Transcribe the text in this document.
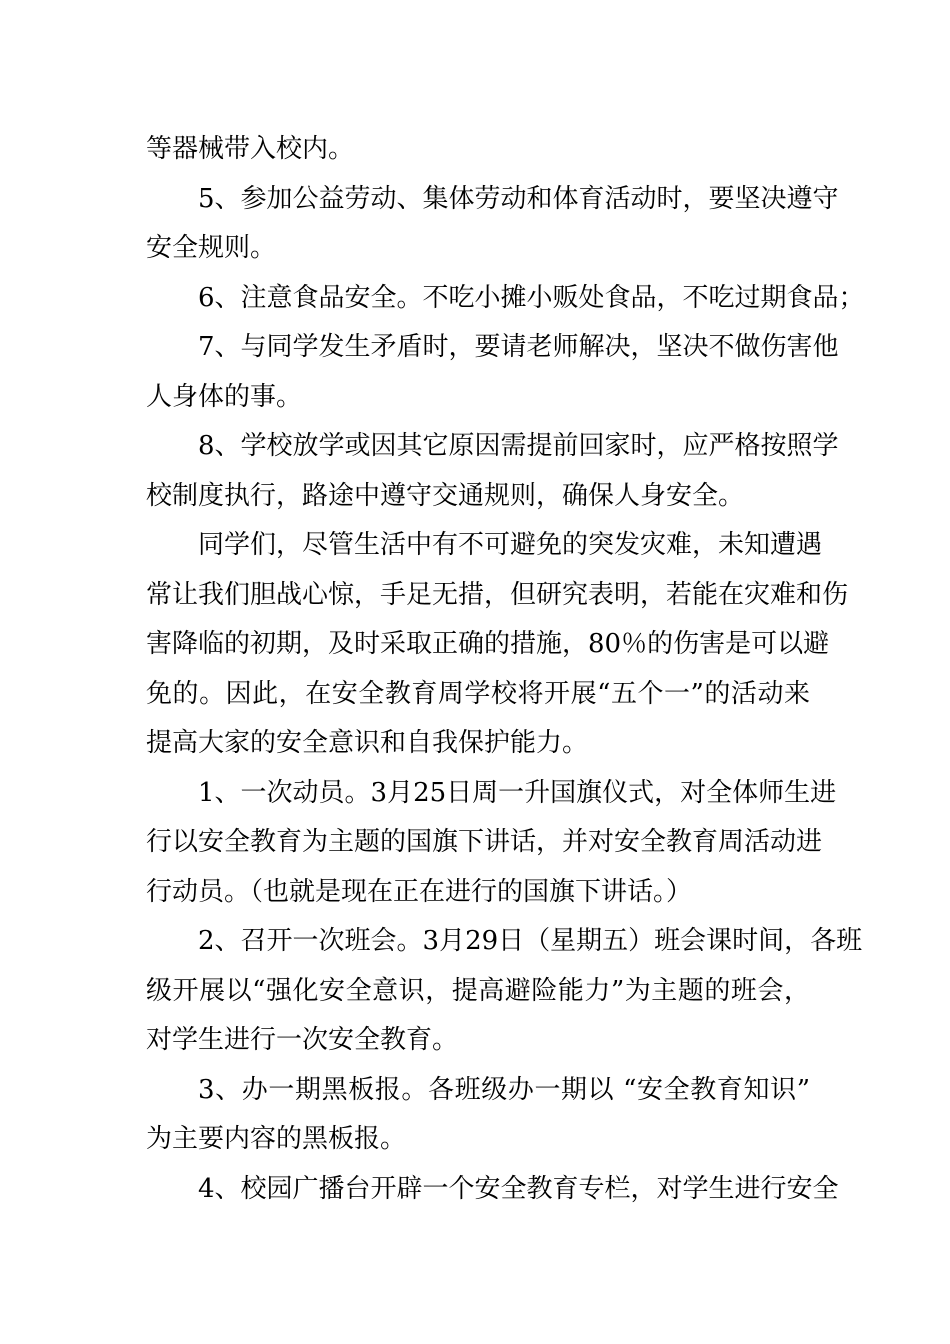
等器械带入校内。
5、参加公益劳动、集体劳动和体育活动时，要坚决遵守
安全规则。
6、注意食品安全。不吃小摊小贩处食品，不吃过期食品；
7、与同学发生矛盾时，要请老师解决，坚决不做伤害他
人身体的事。
8、学校放学或因其它原因需提前回家时，应严格按照学
校制度执行，路途中遵守交通规则，确保人身安全。
同学们，尽管生活中有不可避免的突发灾难，未知遭遇
常让我们胆战心惊，手足无措，但研究表明，若能在灾难和伤
害降临的初期，及时采取正确的措施，80％的伤害是可以避
免的。因此，在安全教育周学校将开展“五个一”的活动来
提高大家的安全意识和自我保护能力。
1、一次动员。3月25日周一升国旗仪式，对全体师生进
行以安全教育为主题的国旗下讲话，并对安全教育周活动进
行动员。（也就是现在正在进行的国旗下讲话。）
2、召开一次班会。3月29日（星期五）班会课时间，各班
级开展以“强化安全意识，提高避险能力”为主题的班会，
对学生进行一次安全教育。
3、办一期黑板报。各班级办一期以 “安全教育知识”
为主要内容的黑板报。
4、校园广播台开辟一个安全教育专栏，对学生进行安全
